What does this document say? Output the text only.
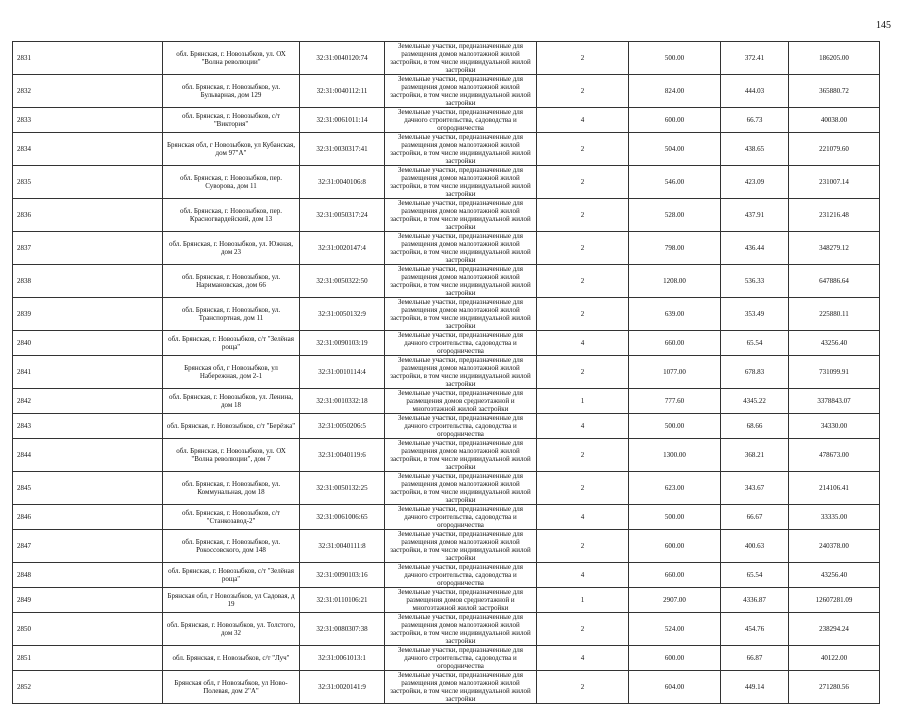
145
2831	обл. Брянская, г. Новозыбков, ул. ОХ "Волна революции"	32:31:0040120:74	Земельные участки, предназначенные для размещения домов малоэтажной жилой застройки, в том числе индивидуальной жилой застройки	2	500.00	372.41	186205.00
2832	обл. Брянская, г. Новозыбков, ул. Бульварная, дом 129	32:31:0040112:11	Земельные участки, предназначенные для размещения домов малоэтажной жилой застройки, в том числе индивидуальной жилой застройки	2	824.00	444.03	365880.72
2833	обл. Брянская, г. Новозыбков, с/т "Виктория"	32:31:0061011:14	Земельные участки, предназначенные для дачного строительства, садоводства и огородничества	4	600.00	66.73	40038.00
2834	Брянская обл, г Новозыбков, ул Кубанская, дом 97"А"	32:31:0030317:41	Земельные участки, предназначенные для размещения домов малоэтажной жилой застройки, в том числе индивидуальной жилой застройки	2	504.00	438.65	221079.60
2835	обл. Брянская, г. Новозыбков, пер. Суворова, дом 11	32:31:0040106:8	Земельные участки, предназначенные для размещения домов малоэтажной жилой застройки, в том числе индивидуальной жилой застройки	2	546.00	423.09	231007.14
2836	обл. Брянская, г. Новозыбков, пер. Красногвардейский, дом 13	32:31:0050317:24	Земельные участки, предназначенные для размещения домов малоэтажной жилой застройки, в том числе индивидуальной жилой застройки	2	528.00	437.91	231216.48
2837	обл. Брянская, г. Новозыбков, ул. Южная, дом 23	32:31:0020147:4	Земельные участки, предназначенные для размещения домов малоэтажной жилой застройки, в том числе индивидуальной жилой застройки	2	798.00	436.44	348279.12
2838	обл. Брянская, г. Новозыбков, ул. Наримановская, дом 66	32:31:0050322:50	Земельные участки, предназначенные для размещения домов малоэтажной жилой застройки, в том числе индивидуальной жилой застройки	2	1208.00	536.33	647886.64
2839	обл. Брянская, г. Новозыбков, ул. Транспортная, дом 11	32:31:0050132:9	Земельные участки, предназначенные для размещения домов малоэтажной жилой застройки, в том числе индивидуальной жилой застройки	2	639.00	353.49	225880.11
2840	обл. Брянская, г. Новозыбков, с/т "Зелёная роща"	32:31:0090103:19	Земельные участки, предназначенные для дачного строительства, садоводства и огородничества	4	660.00	65.54	43256.40
2841	Брянская обл, г Новозыбков, ул Набережная, дом 2-1	32:31:0010114:4	Земельные участки, предназначенные для размещения домов малоэтажной жилой застройки, в том числе индивидуальной жилой застройки	2	1077.00	678.83	731099.91
2842	обл. Брянская, г. Новозыбков, ул. Ленина, дом 18	32:31:0010332:18	Земельные участки, предназначенные для размещения домов среднеэтажной и многоэтажной жилой застройки	1	777.60	4345.22	3378843.07
2843	обл. Брянская, г. Новозыбков, с/т "Берёзка"	32:31:0050206:5	Земельные участки, предназначенные для дачного строительства, садоводства и огородничества	4	500.00	68.66	34330.00
2844	обл. Брянская, г. Новозыбков, ул. ОХ "Волна революции", дом 7	32:31:0040119:6	Земельные участки, предназначенные для размещения домов малоэтажной жилой застройки, в том числе индивидуальной жилой застройки	2	1300.00	368.21	478673.00
2845	обл. Брянская, г. Новозыбков, ул. Коммунальная, дом 18	32:31:0050132:25	Земельные участки, предназначенные для размещения домов малоэтажной жилой застройки, в том числе индивидуальной жилой застройки	2	623.00	343.67	214106.41
2846	обл. Брянская, г. Новозыбков, с/т "Станкозавод-2"	32:31:0061006:65	Земельные участки, предназначенные для дачного строительства, садоводства и огородничества	4	500.00	66.67	33335.00
2847	обл. Брянская, г. Новозыбков, ул. Рокоссовского, дом 148	32:31:0040111:8	Земельные участки, предназначенные для размещения домов малоэтажной жилой застройки, в том числе индивидуальной жилой застройки	2	600.00	400.63	240378.00
2848	обл. Брянская, г. Новозыбков, с/т "Зелёная роща"	32:31:0090103:16	Земельные участки, предназначенные для дачного строительства, садоводства и огородничества	4	660.00	65.54	43256.40
2849	Брянская обл, г Новозыбков, ул Садовая, д 19	32:31:0110106:21	Земельные участки, предназначенные для размещения домов среднеэтажной и многоэтажной жилой застройки	1	2907.00	4336.87	12607281.09
2850	обл. Брянская, г. Новозыбков, ул. Толстого, дом 32	32:31:0080307:38	Земельные участки, предназначенные для размещения домов малоэтажной жилой застройки, в том числе индивидуальной жилой застройки	2	524.00	454.76	238294.24
2851	обл. Брянская, г. Новозыбков, с/т "Луч"	32:31:0061013:1	Земельные участки, предназначенные для дачного строительства, садоводства и огородничества	4	600.00	66.87	40122.00
2852	Брянская обл, г Новозыбков, ул Ново-Полевая, дом 2"А"	32:31:0020141:9	Земельные участки, предназначенные для размещения домов малоэтажной жилой застройки, в том числе индивидуальной жилой застройки	2	604.00	449.14	271280.56
